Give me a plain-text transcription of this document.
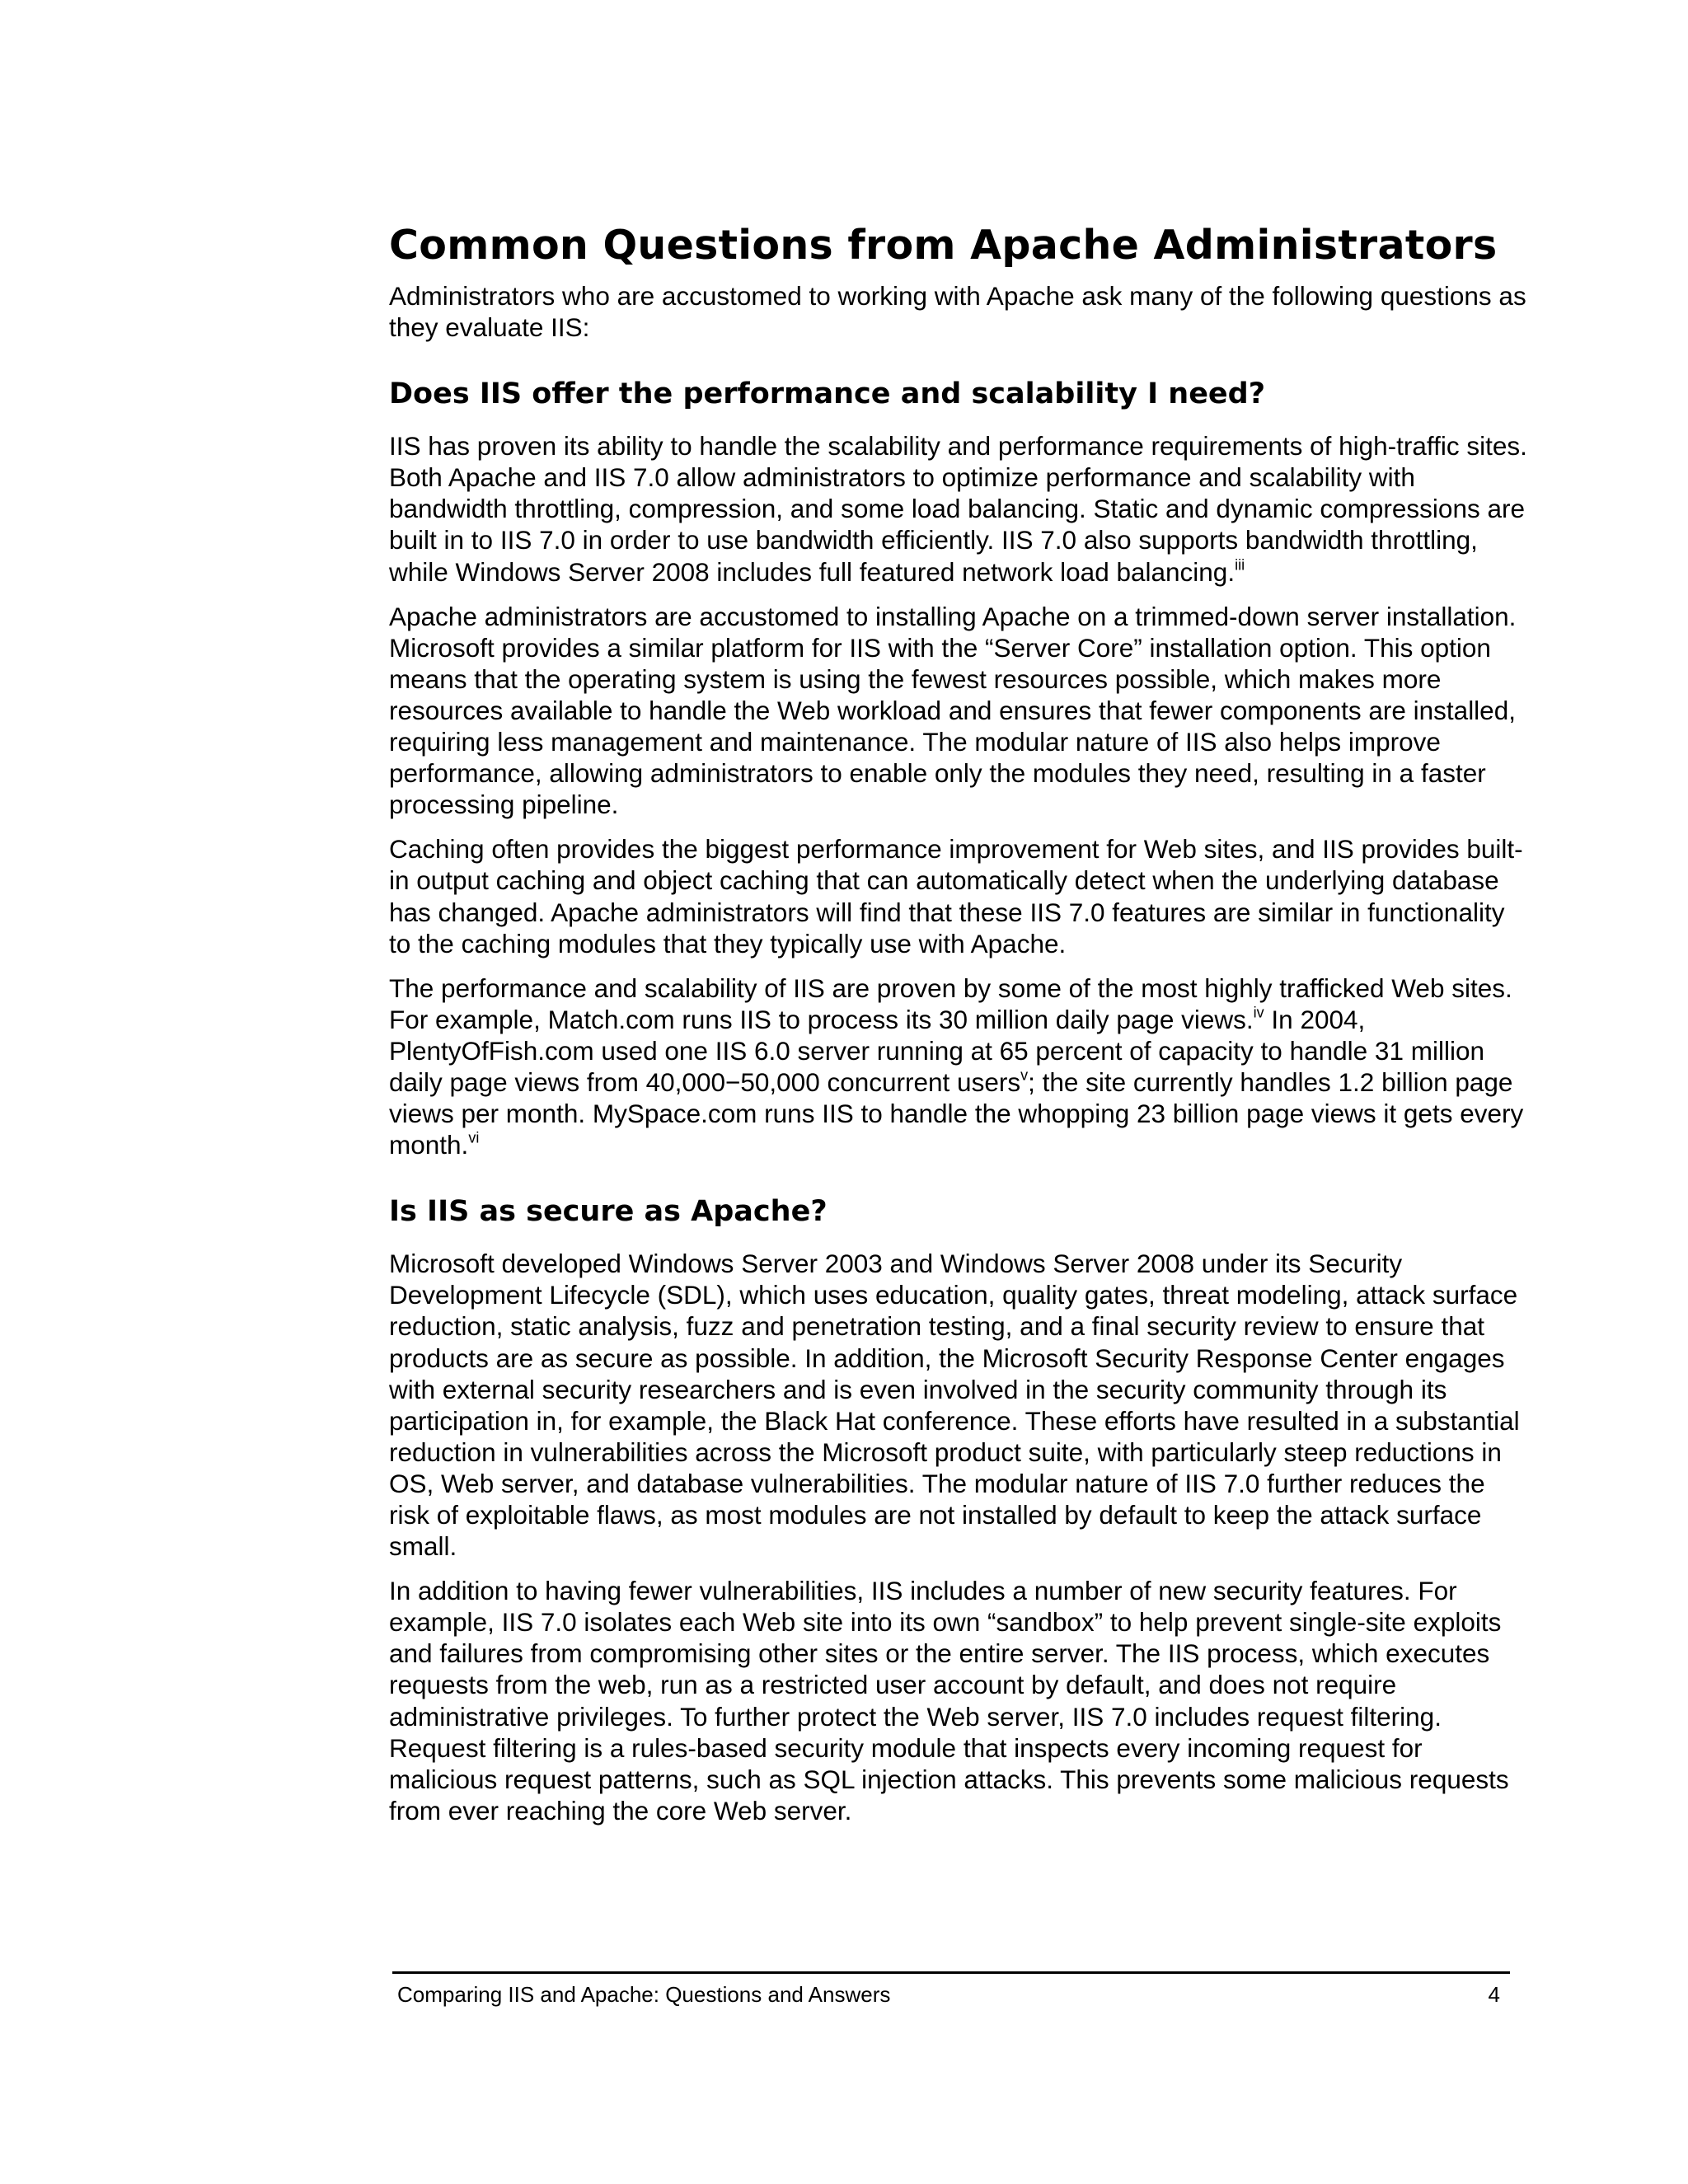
Common Questions from Apache Administrators

Administrators who are accustomed to working with Apache ask many of the following questions as they evaluate IIS:

Does IIS offer the performance and scalability I need?

IIS has proven its ability to handle the scalability and performance requirements of high-traffic sites. Both Apache and IIS 7.0 allow administrators to optimize performance and scalability with bandwidth throttling, compression, and some load balancing. Static and dynamic compressions are built in to IIS 7.0 in order to use bandwidth efficiently. IIS 7.0 also supports bandwidth throttling, while Windows Server 2008 includes full featured network load balancing.$^{iii}$

Apache administrators are accustomed to installing Apache on a trimmed-down server installation. Microsoft provides a similar platform for IIS with the “Server Core” installation option. This option means that the operating system is using the fewest resources possible, which makes more resources available to handle the Web workload and ensures that fewer components are installed, requiring less management and maintenance. The modular nature of IIS also helps improve performance, allowing administrators to enable only the modules they need, resulting in a faster processing pipeline.

Caching often provides the biggest performance improvement for Web sites, and IIS provides built-in output caching and object caching that can automatically detect when the underlying database has changed. Apache administrators will find that these IIS 7.0 features are similar in functionality to the caching modules that they typically use with Apache.

The performance and scalability of IIS are proven by some of the most highly trafficked Web sites. For example, Match.com runs IIS to process its 30 million daily page views.$^{iv}$ In 2004, PlentyOfFish.com used one IIS 6.0 server running at 65 percent of capacity to handle 31 million daily page views from 40,000−50,000 concurrent users$^v$; the site currently handles 1.2 billion page views per month. MySpace.com runs IIS to handle the whopping 23 billion page views it gets every month.$^{vi}$

Is IIS as secure as Apache?

Microsoft developed Windows Server 2003 and Windows Server 2008 under its Security Development Lifecycle (SDL), which uses education, quality gates, threat modeling, attack surface reduction, static analysis, fuzz and penetration testing, and a final security review to ensure that products are as secure as possible. In addition, the Microsoft Security Response Center engages with external security researchers and is even involved in the security community through its participation in, for example, the Black Hat conference. These efforts have resulted in a substantial reduction in vulnerabilities across the Microsoft product suite, with particularly steep reductions in OS, Web server, and database vulnerabilities. The modular nature of IIS 7.0 further reduces the risk of exploitable flaws, as most modules are not installed by default to keep the attack surface small.

In addition to having fewer vulnerabilities, IIS includes a number of new security features. For example, IIS 7.0 isolates each Web site into its own “sandbox” to help prevent single-site exploits and failures from compromising other sites or the entire server. The IIS process, which executes requests from the web, run as a restricted user account by default, and does not require administrative privileges. To further protect the Web server, IIS 7.0 includes request filtering. Request filtering is a rules-based security module that inspects every incoming request for malicious request patterns, such as SQL injection attacks. This prevents some malicious requests from ever reaching the core Web server.

Comparing IIS and Apache: Questions and Answers	4
